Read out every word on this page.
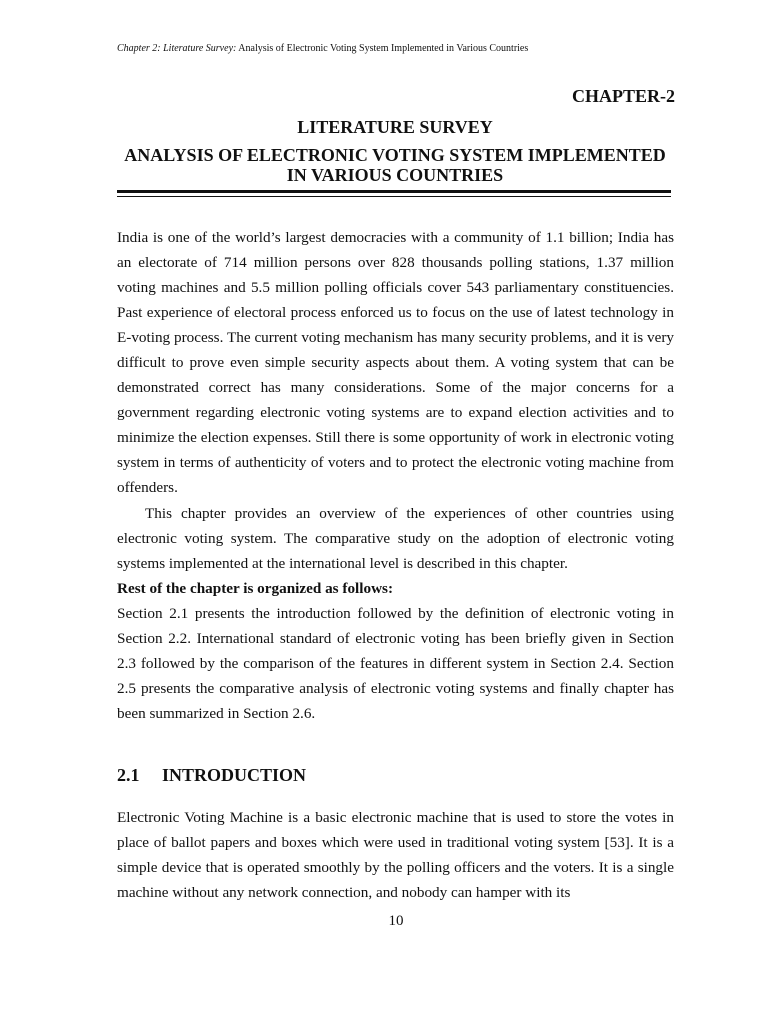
Chapter 2: Literature Survey: Analysis of Electronic Voting System Implemented in Various Countries
CHAPTER-2
LITERATURE SURVEY
ANALYSIS OF ELECTRONIC VOTING SYSTEM IMPLEMENTED
IN VARIOUS COUNTRIES

India is one of the world’s largest democracies with a community of 1.1 billion; India has an electorate of 714 million persons over 828 thousands polling stations, 1.37 million voting machines and 5.5 million polling officials cover 543 parliamentary constituencies. Past experience of electoral process enforced us to focus on the use of latest technology in E-voting process. The current voting mechanism has many security problems, and it is very difficult to prove even simple security aspects about them. A voting system that can be demonstrated correct has many considerations. Some of the major concerns for a government regarding electronic voting systems are to expand election activities and to minimize the election expenses. Still there is some opportunity of work in electronic voting system in terms of authenticity of voters and to protect the electronic voting machine from offenders.

This chapter provides an overview of the experiences of other countries using electronic voting system. The comparative study on the adoption of electronic voting systems implemented at the international level is described in this chapter.

Rest of the chapter is organized as follows:

Section 2.1 presents the introduction followed by the definition of electronic voting in Section 2.2. International standard of electronic voting has been briefly given in Section 2.3 followed by the comparison of the features in different system in Section 2.4. Section 2.5 presents the comparative analysis of electronic voting systems and finally chapter has been summarized in Section 2.6.

2.1 INTRODUCTION

Electronic Voting Machine is a basic electronic machine that is used to store the votes in place of ballot papers and boxes which were used in traditional voting system [53]. It is a simple device that is operated smoothly by the polling officers and the voters. It is a single machine without any network connection, and nobody can hamper with its

10
